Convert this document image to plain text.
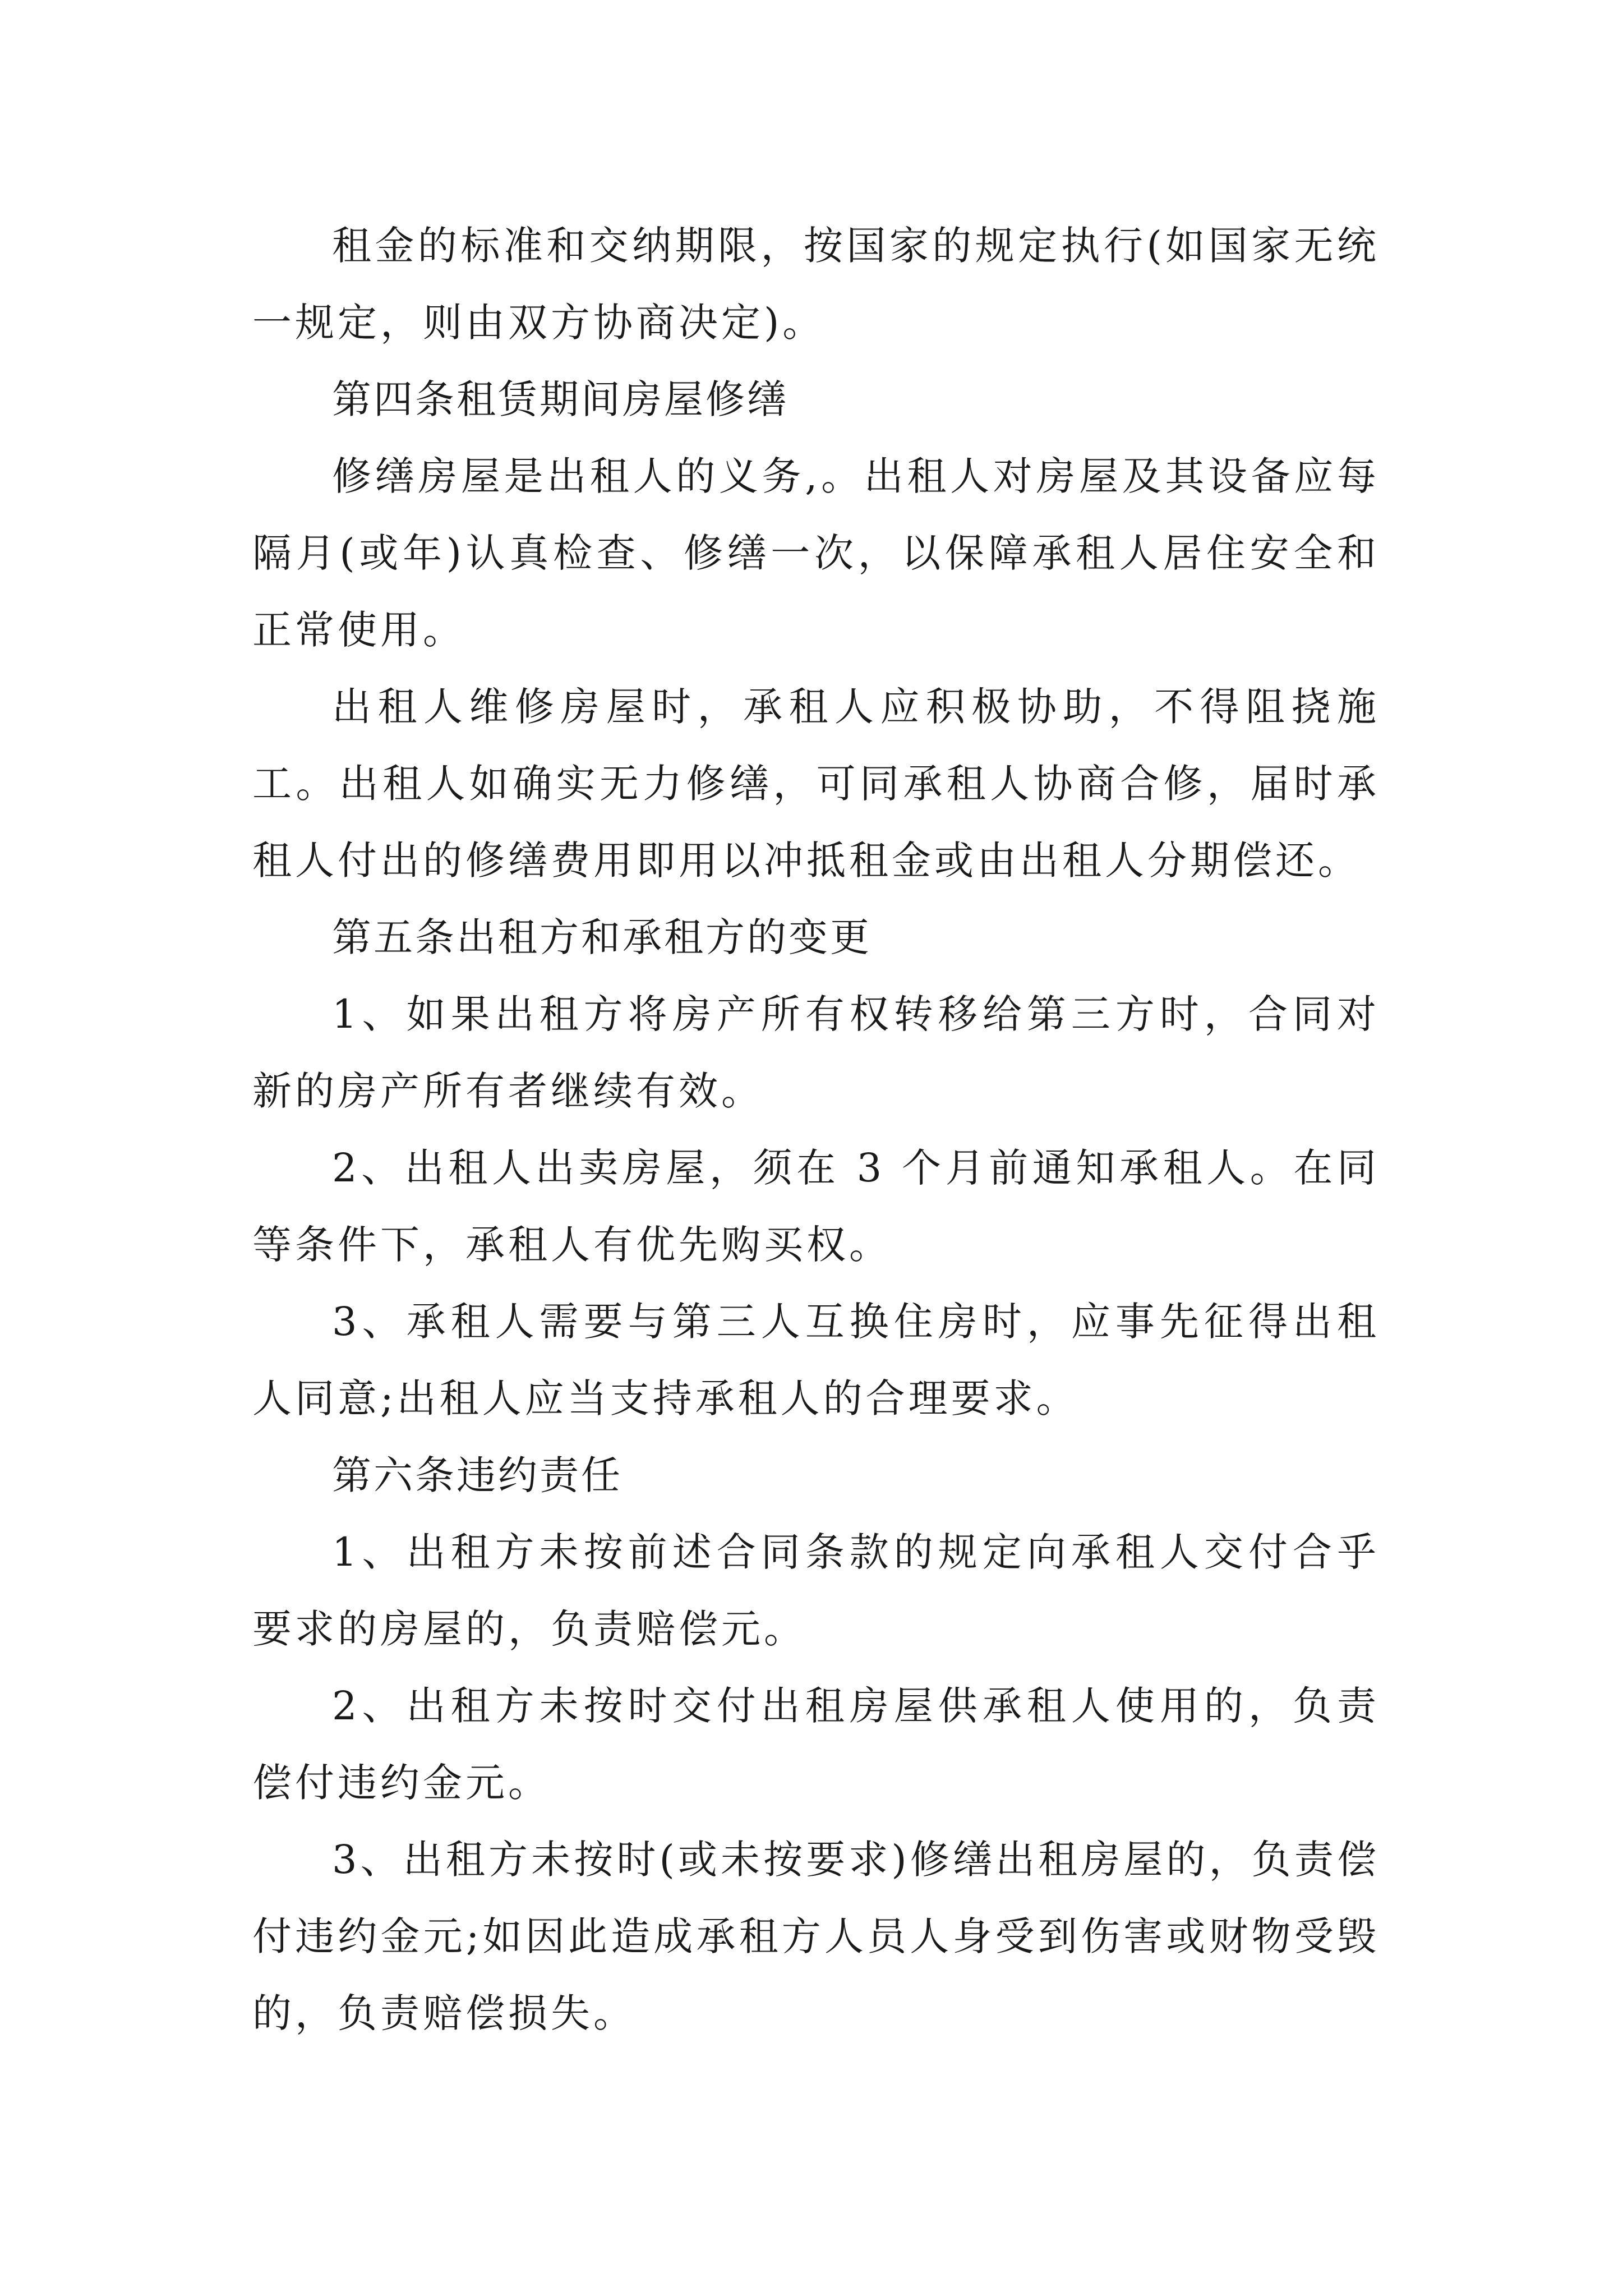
租金的标准和交纳期限，按国家的规定执行(如国家无统一规定，则由双方协商决定)。

第四条租赁期间房屋修缮

修缮房屋是出租人的义务,。出租人对房屋及其设备应每隔月(或年)认真检查、修缮一次，以保障承租人居住安全和正常使用。

出租人维修房屋时，承租人应积极协助，不得阻挠施工。出租人如确实无力修缮，可同承租人协商合修，届时承租人付出的修缮费用即用以冲抵租金或由出租人分期偿还。

第五条出租方和承租方的变更

1、如果出租方将房产所有权转移给第三方时，合同对新的房产所有者继续有效。

2、出租人出卖房屋，须在 3 个月前通知承租人。在同等条件下，承租人有优先购买权。

3、承租人需要与第三人互换住房时，应事先征得出租人同意;出租人应当支持承租人的合理要求。

第六条违约责任

1、出租方未按前述合同条款的规定向承租人交付合乎要求的房屋的，负责赔偿元。

2、出租方未按时交付出租房屋供承租人使用的，负责偿付违约金元。

3、出租方未按时(或未按要求)修缮出租房屋的，负责偿付违约金元;如因此造成承租方人员人身受到伤害或财物受毁的，负责赔偿损失。
